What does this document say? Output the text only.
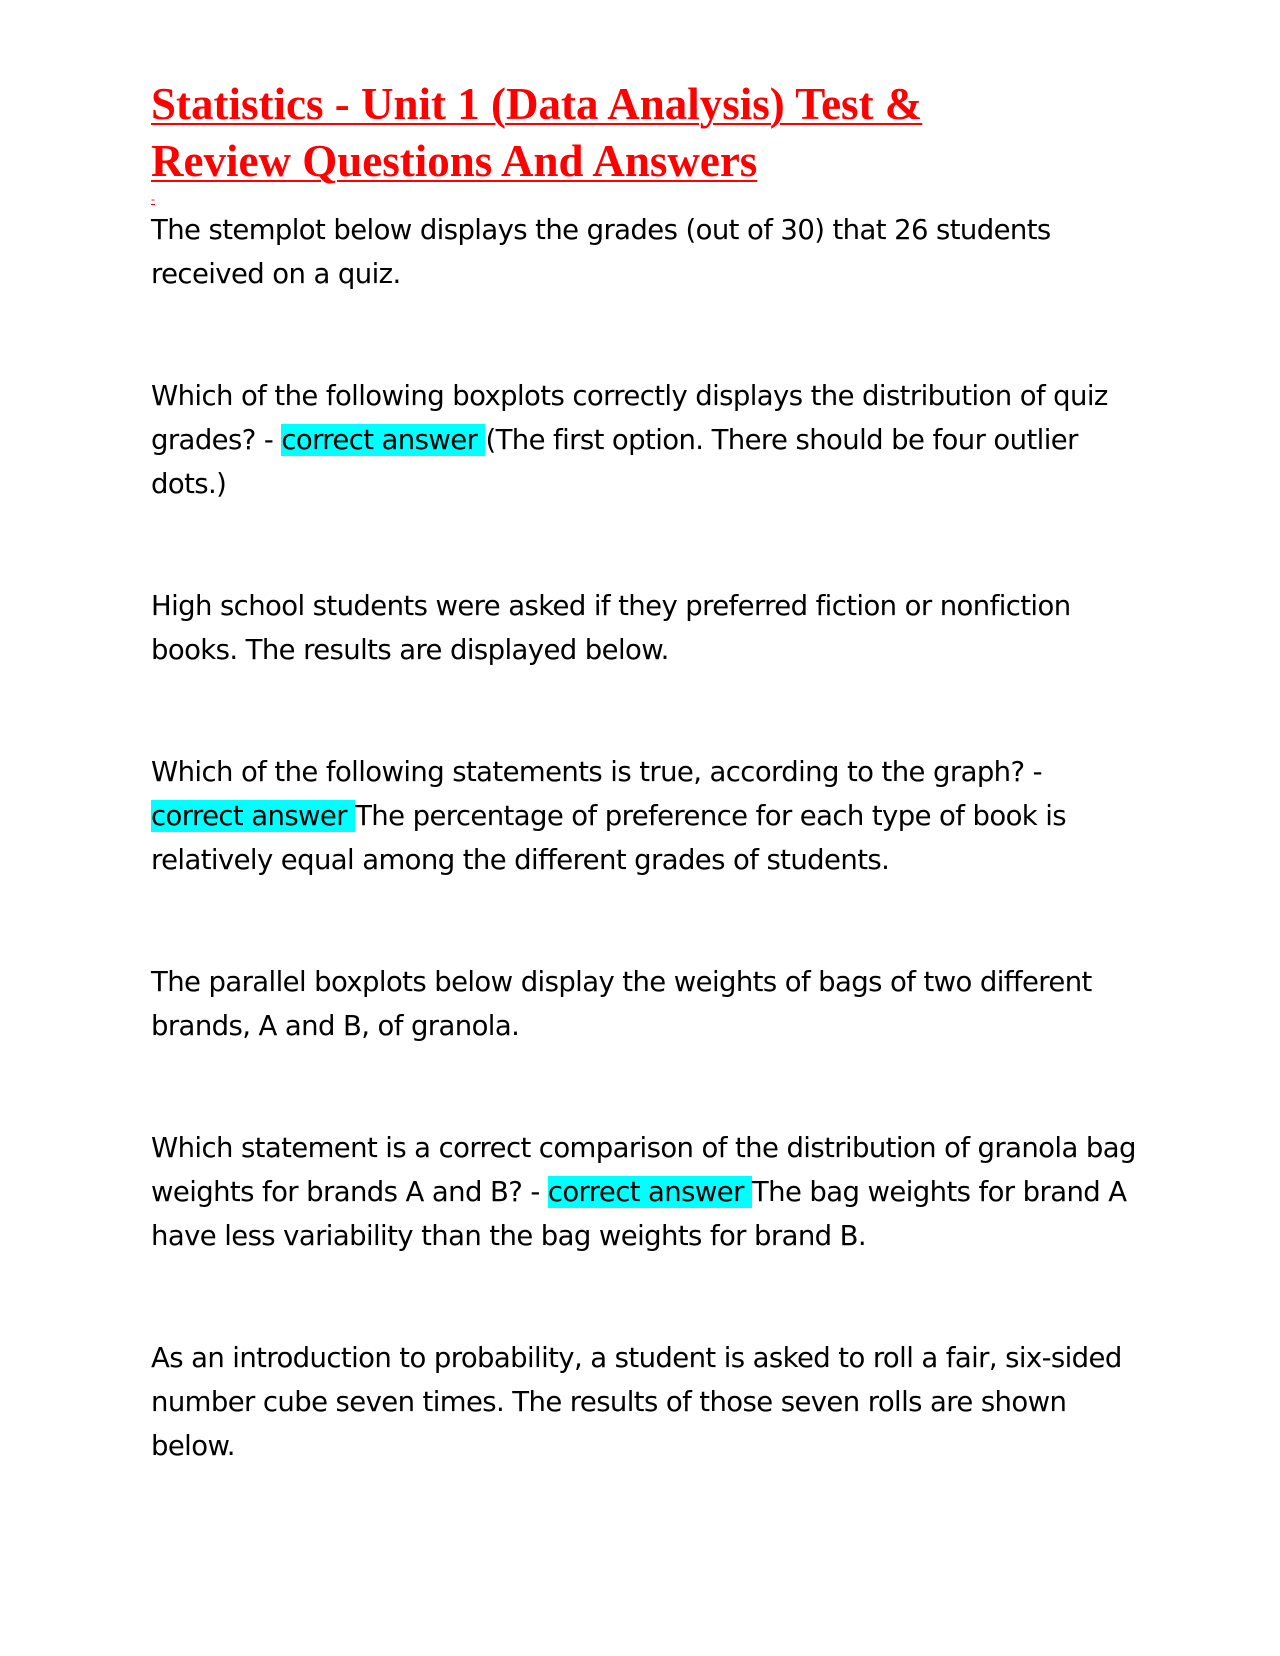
Statistics - Unit 1 (Data Analysis) Test &
Review Questions And Answers
-

The stemplot below displays the grades (out of 30) that 26 students received on a quiz.

Which of the following boxplots correctly displays the distribution of quiz grades? - correct answer (The first option. There should be four outlier dots.)

High school students were asked if they preferred fiction or nonfiction books. The results are displayed below.

Which of the following statements is true, according to the graph? - correct answer The percentage of preference for each type of book is relatively equal among the different grades of students.

The parallel boxplots below display the weights of bags of two different brands, A and B, of granola.

Which statement is a correct comparison of the distribution of granola bag weights for brands A and B? - correct answer The bag weights for brand A have less variability than the bag weights for brand B.

As an introduction to probability, a student is asked to roll a fair, six-sided number cube seven times. The results of those seven rolls are shown below.
